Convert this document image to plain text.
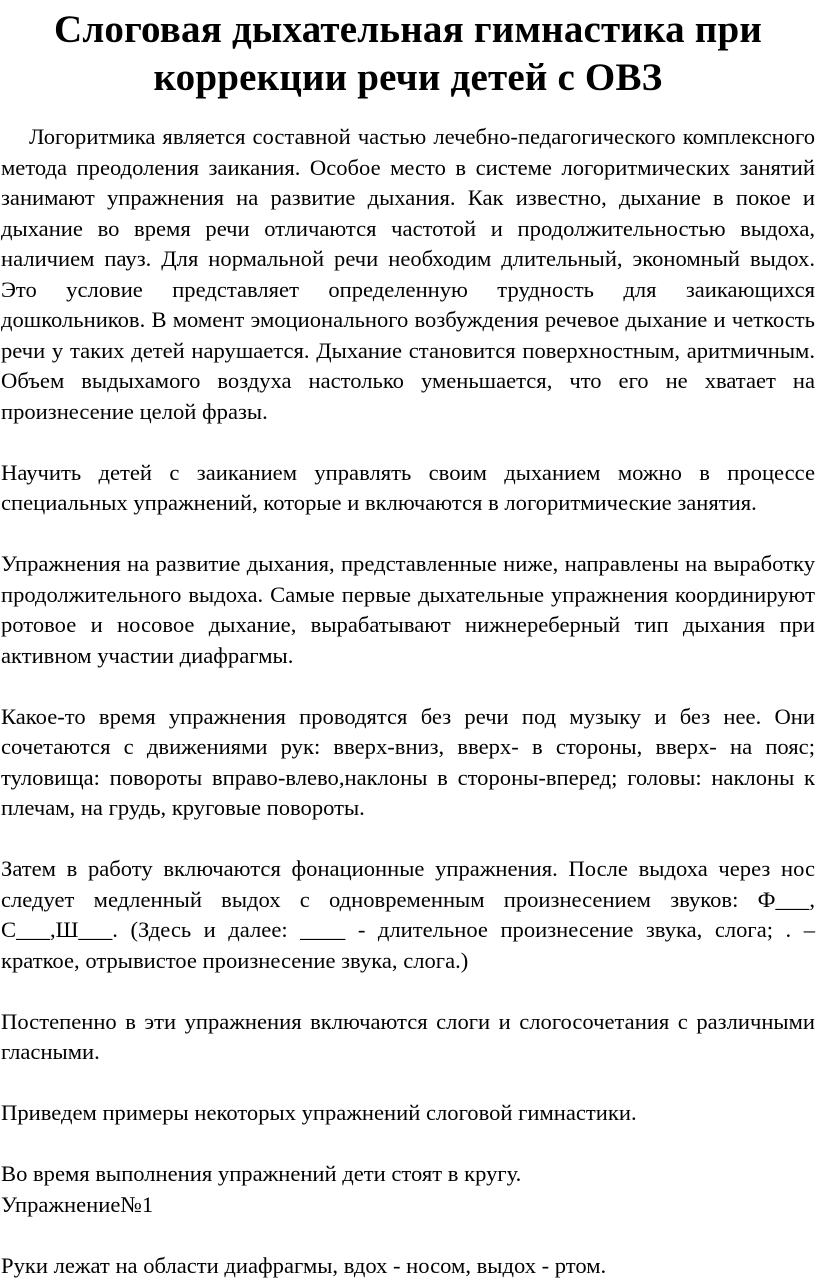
Слоговая дыхательная гимнастика при коррекции речи детей с ОВЗ

Логоритмика является составной частью лечебно-педагогического комплексного метода преодоления заикания. Особое место в системе логоритмических занятий занимают упражнения на развитие дыхания. Как известно, дыхание в покое и дыхание во время речи отличаются частотой и продолжительностью выдоха, наличием пауз. Для нормальной речи необходим длительный, экономный выдох. Это условие представляет определенную трудность для заикающихся дошкольников. В момент эмоционального возбуждения речевое дыхание и четкость речи у таких детей нарушается. Дыхание становится поверхностным, аритмичным. Объем выдыхамого воздуха настолько уменьшается, что его не хватает на произнесение целой фразы.

Научить детей с заиканием управлять своим дыханием можно в процессе специальных упражнений, которые и включаются в логоритмические занятия.

Упражнения на развитие дыхания, представленные ниже, направлены на выработку продолжительного выдоха. Самые первые дыхательные упражнения координируют ротовое и носовое дыхание, вырабатывают нижнереберный тип дыхания при активном участии диафрагмы.

Какое-то время упражнения проводятся без речи под музыку и без нее. Они сочетаются с движениями рук: вверх-вниз, вверх- в стороны, вверх- на пояс; туловища: повороты вправо-влево,наклоны в стороны-вперед; головы: наклоны к плечам, на грудь, круговые повороты.

Затем в работу включаются фонационные упражнения. После выдоха через нос следует медленный выдох с одновременным произнесением звуков: Ф___, С___,Ш___. (Здесь и далее: ____ - длительное произнесение звука, слога; . – краткое, отрывистое произнесение звука, слога.)

Постепенно в эти упражнения включаются слоги и слогосочетания с различными гласными.

Приведем примеры некоторых упражнений слоговой гимнастики.

Во время выполнения упражнений дети стоят в кругу.

Упражнение№1

Руки лежат на области диафрагмы, вдох - носом, выдох - ртом.
